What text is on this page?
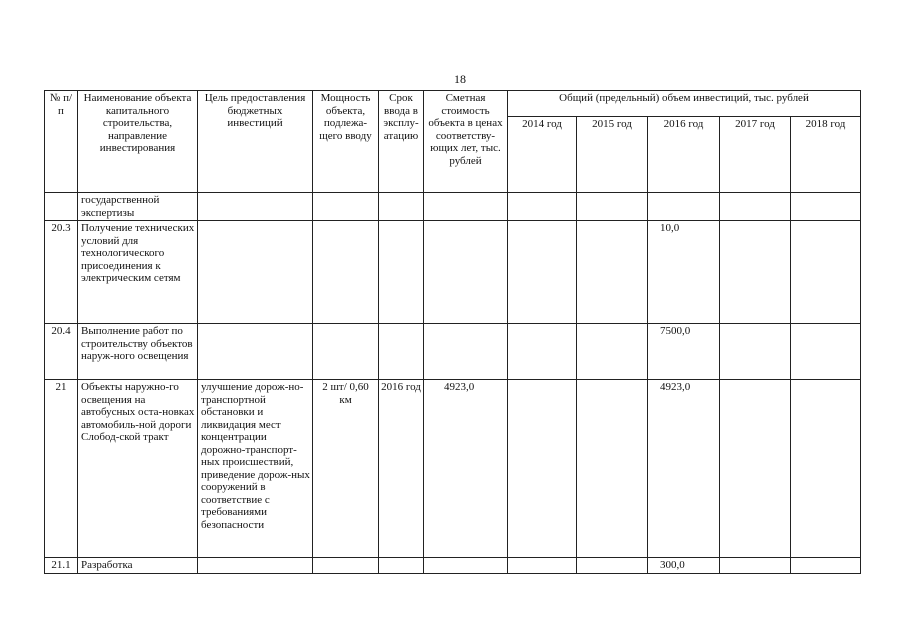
18
№ п/п	Наименование объекта капитального строительства, направление инвестирования	Цель предоставления бюджетных инвестиций	Мощность объекта, подлежа-щего вводу	Срок ввода в эксплу-атацию	Сметная стоимость объекта в ценах соответству-ющих лет, тыс. рублей	Общий (предельный) объем инвестиций, тыс. рублей				
						2014 год	2015 год	2016 год	2017 год	2018 год
	государственной экспертизы									
20.3	Получение технических условий для технологического присоединения к электрическим сетям							10,0		
20.4	Выполнение работ по строительству объектов наруж-ного освещения							7500,0		
21	Объекты наружно-го освещения на автобусных оста-новках автомобиль-ной дороги Слобод-ской тракт	улучшение дорож-но-транспортной обстановки и ликвидация мест концентрации дорожно-транспорт-ных происшествий, приведение дорож-ных сооружений в соответствие с требованиями безопасности	2 шт/ 0,60 км	2016 год	4923,0			4923,0		
21.1	Разработка							300,0		
